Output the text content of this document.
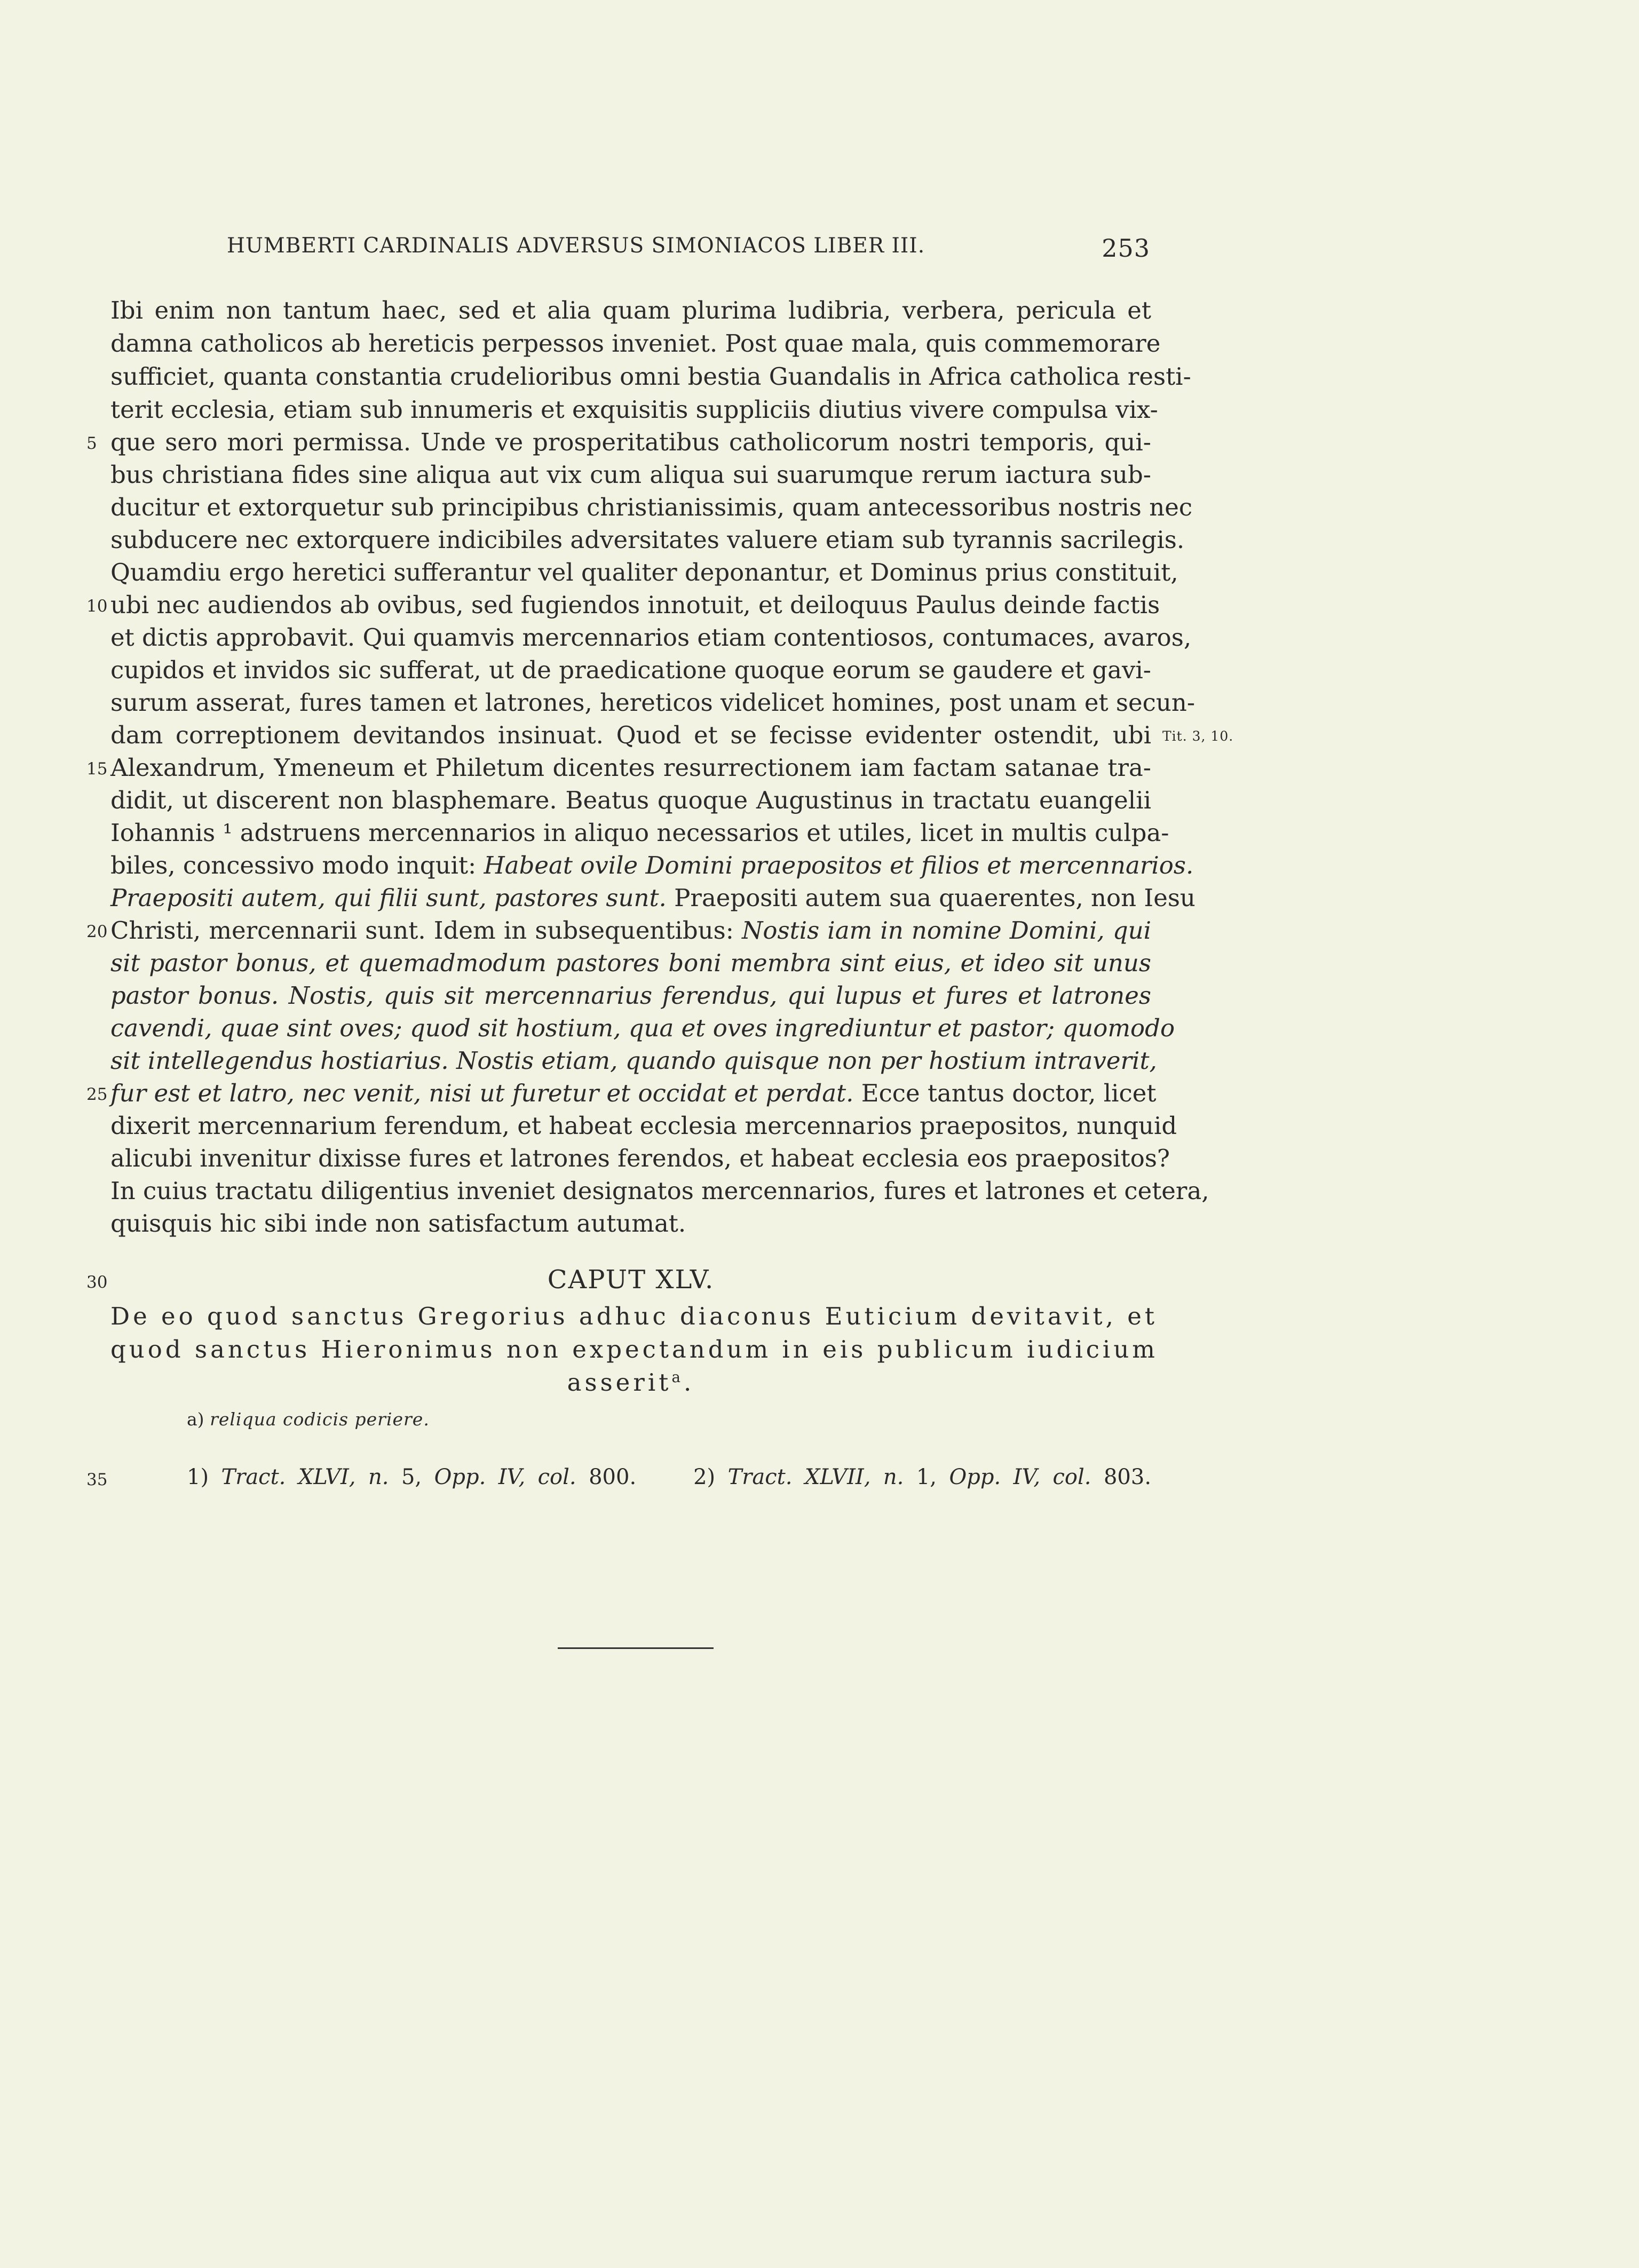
HUMBERTI CARDINALIS ADVERSUS SIMONIACOS LIBER III.	253
Ibi enim non tantum haec, sed et alia quam plurima ludibria, verbera, pericula et
damna catholicos ab hereticis perpessos inveniet. Post quae mala, quis commemorare
sufficiet, quanta constantia crudelioribus omni bestia Guandalis in Africa catholica resti-
terit ecclesia, etiam sub innumeris et exquisitis suppliciis diutius vivere compulsa vix-
que sero mori permissa. Unde ve prosperitatibus catholicorum nostri temporis, qui-
bus christiana fides sine aliqua aut vix cum aliqua sui suarumque rerum iactura sub-
ducitur et extorquetur sub principibus christianissimis, quam antecessoribus nostris nec
subducere nec extorquere indicibiles adversitates valuere etiam sub tyrannis sacrilegis.
Quamdiu ergo heretici sufferantur vel qualiter deponantur, et Dominus prius constituit,
ubi nec audiendos ab ovibus, sed fugiendos innotuit, et deiloquus Paulus deinde factis
et dictis approbavit. Qui quamvis mercennarios etiam contentiosos, contumaces, avaros,
cupidos et invidos sic sufferat, ut de praedicatione quoque eorum se gaudere et gavi-
surum asserat, fures tamen et latrones, hereticos videlicet homines, post unam et secun-
dam correptionem devitandos insinuat. Quod et se fecisse evidenter ostendit, ubi
Alexandrum, Ymeneum et Philetum dicentes resurrectionem iam factam satanae tra-
didit, ut discerent non blasphemare. Beatus quoque Augustinus in tractatu euangelii
Iohannis ¹ adstruens mercennarios in aliquo necessarios et utiles, licet in multis culpa-
biles, concessivo modo inquit: Habeat ovile Domini praepositos et filios et mercennarios.
Praepositi autem, qui filii sunt, pastores sunt. Praepositi autem sua quaerentes, non Iesu
Christi, mercennarii sunt. Idem in subsequentibus: Nostis iam in nomine Domini, qui
sit pastor bonus, et quemadmodum pastores boni membra sint eius, et ideo sit unus
pastor bonus. Nostis, quis sit mercennarius ferendus, qui lupus et fures et latrones
cavendi, quae sint oves; quod sit hostium, qua et oves ingrediuntur et pastor; quomodo
sit intellegendus hostiarius. Nostis etiam, quando quisque non per hostium intraverit,
fur est et latro, nec venit, nisi ut furetur et occidat et perdat. Ecce tantus doctor, licet
dixerit mercennarium ferendum, et habeat ecclesia mercennarios praepositos, nunquid
alicubi invenitur dixisse fures et latrones ferendos, et habeat ecclesia eos praepositos?
In cuius tractatu diligentius inveniet designatos mercennarios, fures et latrones et cetera,
quisquis hic sibi inde non satisfactum autumat.
5
10
15
20
25
30
35
Tit. 3, 10.
CAPUT XLV.
De eo quod sanctus Gregorius adhuc diaconus Euticium devitavit, et
quod sanctus Hieronimus non expectandum in eis publicum iudicium
asserit$^a$.
a) reliqua codicis periere.
1) Tract. XLVI, n. 5, Opp. IV, col. 800.	2) Tract. XLVII, n. 1, Opp. IV, col. 803.
